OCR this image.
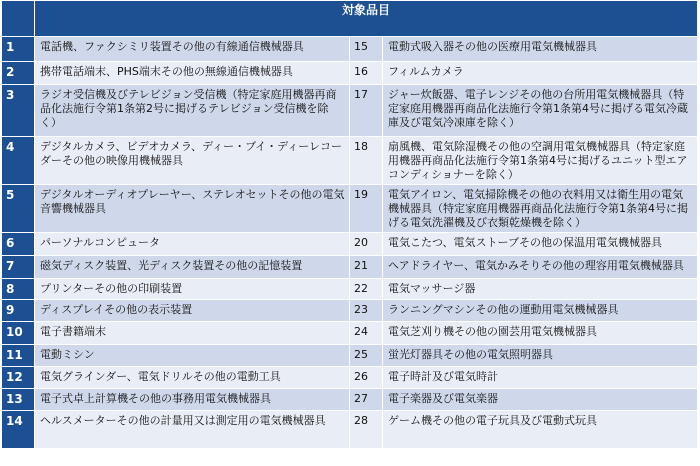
	対象品目		
1	電話機、ファクシミリ装置その他の有線通信機械器具	15	電動式吸入器その他の医療用電気機械器具
2	携帯電話端末、PHS端末その他の無線通信機械器具	16	フィルムカメラ
3	ラジオ受信機及びテレビジョン受信機（特定家庭用機器再商品化法施行令第1条第2号に掲げるテレビジョン受信機を除く）	17	ジャー炊飯器、電子レンジその他の台所用電気機械器具（特定家庭用機器再商品化法施行令第1条第4号に掲げる電気冷蔵庫及び電気冷凍庫を除く）
4	デジタルカメラ、ビデオカメラ、ディー・ブイ・ディーレコーダーその他の映像用機械器具	18	扇風機、電気除湿機その他の空調用電気機械器具（特定家庭用機器再商品化法施行令第1条第4号に掲げるユニット型エアコンディショナーを除く）
5	デジタルオーディオプレーヤー、ステレオセットその他の電気音響機械器具	19	電気アイロン、電気掃除機その他の衣料用又は衛生用の電気機械器具（特定家庭用機器再商品化法施行令第1条第4号に掲げる電気洗濯機及び衣類乾燥機を除く）
6	パーソナルコンピュータ	20	電気こたつ、電気ストーブその他の保温用電気機械器具
7	磁気ディスク装置、光ディスク装置その他の記憶装置	21	ヘアドライヤー、電気かみそりその他の理容用電気機械器具
8	プリンターその他の印刷装置	22	電気マッサージ器
9	ディスプレイその他の表示装置	23	ランニングマシンその他の運動用電気機械器具
10	電子書籍端末	24	電気芝刈り機その他の園芸用電気機械器具
11	電動ミシン	25	蛍光灯器具その他の電気照明器具
12	電気グラインダー、電気ドリルその他の電動工具	26	電子時計及び電気時計
13	電子式卓上計算機その他の事務用電気機械器具	27	電子楽器及び電気楽器
14	ヘルスメーターその他の計量用又は測定用の電気機械器具	28	ゲーム機その他の電子玩具及び電動式玩具
